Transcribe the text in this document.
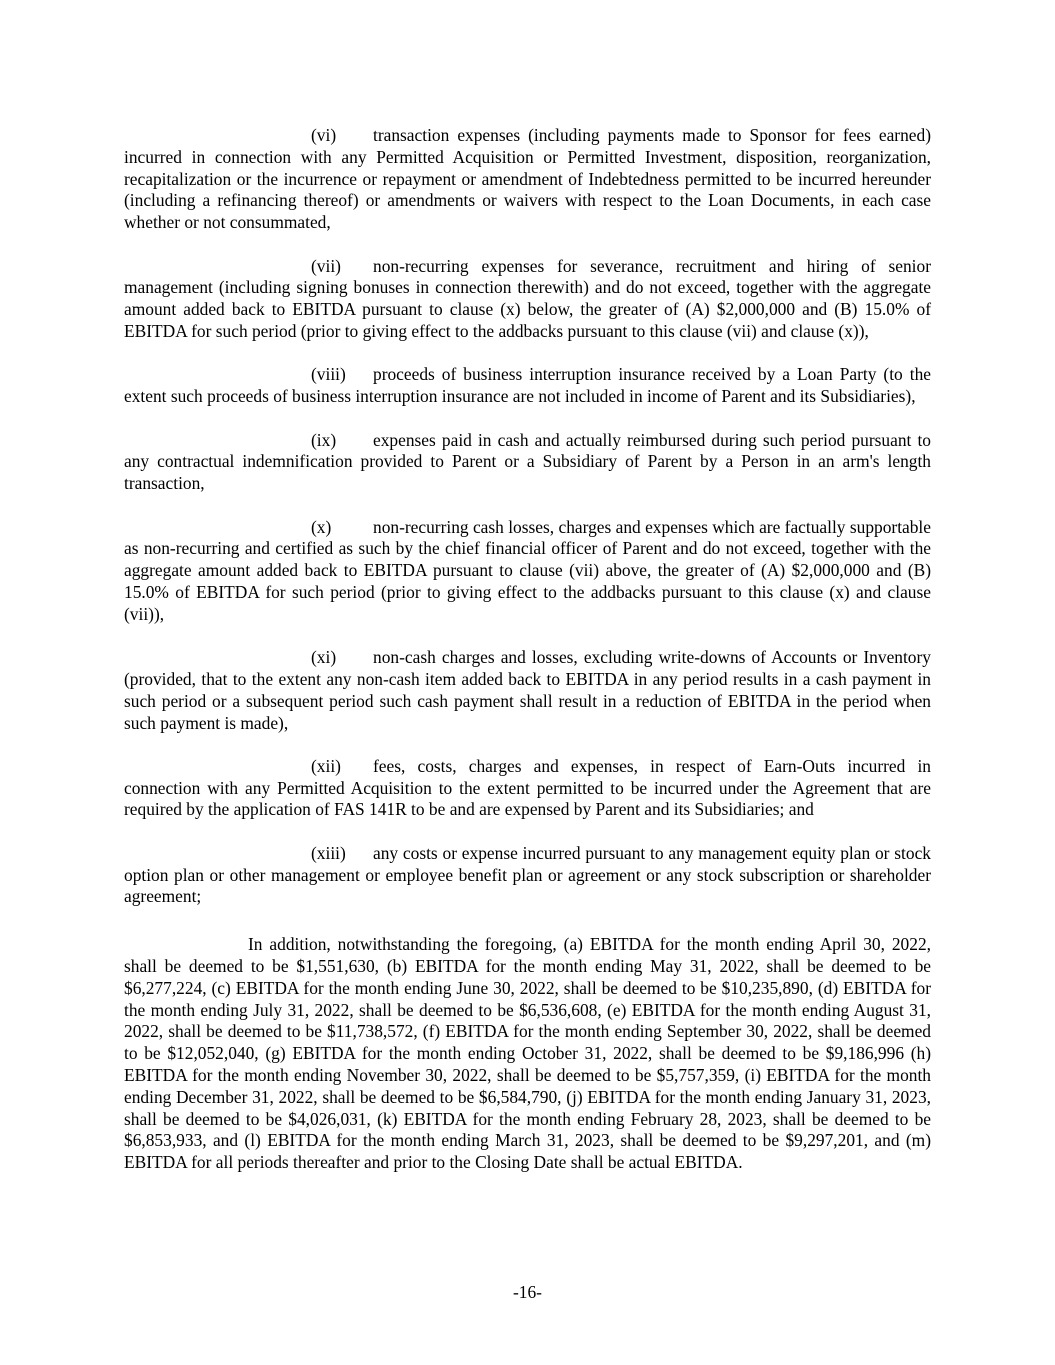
(vi) transaction expenses (including payments made to Sponsor for fees earned) incurred in connection with any Permitted Acquisition or Permitted Investment, disposition, reorganization, recapitalization or the incurrence or repayment or amendment of Indebtedness permitted to be incurred hereunder (including a refinancing thereof) or amendments or waivers with respect to the Loan Documents, in each case whether or not consummated,

(vii) non-recurring expenses for severance, recruitment and hiring of senior management (including signing bonuses in connection therewith) and do not exceed, together with the aggregate amount added back to EBITDA pursuant to clause (x) below, the greater of (A) $2,000,000 and (B) 15.0% of EBITDA for such period (prior to giving effect to the addbacks pursuant to this clause (vii) and clause (x)),

(viii) proceeds of business interruption insurance received by a Loan Party (to the extent such proceeds of business interruption insurance are not included in income of Parent and its Subsidiaries),

(ix) expenses paid in cash and actually reimbursed during such period pursuant to any contractual indemnification provided to Parent or a Subsidiary of Parent by a Person in an arm's length transaction,

(x) non-recurring cash losses, charges and expenses which are factually supportable as non-recurring and certified as such by the chief financial officer of Parent and do not exceed, together with the aggregate amount added back to EBITDA pursuant to clause (vii) above, the greater of (A) $2,000,000 and (B) 15.0% of EBITDA for such period (prior to giving effect to the addbacks pursuant to this clause (x) and clause (vii)),

(xi) non-cash charges and losses, excluding write-downs of Accounts or Inventory (provided, that to the extent any non-cash item added back to EBITDA in any period results in a cash payment in such period or a subsequent period such cash payment shall result in a reduction of EBITDA in the period when such payment is made),

(xii) fees, costs, charges and expenses, in respect of Earn-Outs incurred in connection with any Permitted Acquisition to the extent permitted to be incurred under the Agreement that are required by the application of FAS 141R to be and are expensed by Parent and its Subsidiaries; and

(xiii) any costs or expense incurred pursuant to any management equity plan or stock option plan or other management or employee benefit plan or agreement or any stock subscription or shareholder agreement;

In addition, notwithstanding the foregoing, (a) EBITDA for the month ending April 30, 2022, shall be deemed to be $1,551,630, (b) EBITDA for the month ending May 31, 2022, shall be deemed to be $6,277,224, (c) EBITDA for the month ending June 30, 2022, shall be deemed to be $10,235,890, (d) EBITDA for the month ending July 31, 2022, shall be deemed to be $6,536,608, (e) EBITDA for the month ending August 31, 2022, shall be deemed to be $11,738,572, (f) EBITDA for the month ending September 30, 2022, shall be deemed to be $12,052,040, (g) EBITDA for the month ending October 31, 2022, shall be deemed to be $9,186,996 (h) EBITDA for the month ending November 30, 2022, shall be deemed to be $5,757,359, (i) EBITDA for the month ending December 31, 2022, shall be deemed to be $6,584,790, (j) EBITDA for the month ending January 31, 2023, shall be deemed to be $4,026,031, (k) EBITDA for the month ending February 28, 2023, shall be deemed to be $6,853,933, and (l) EBITDA for the month ending March 31, 2023, shall be deemed to be $9,297,201, and (m) EBITDA for all periods thereafter and prior to the Closing Date shall be actual EBITDA.

-16-
